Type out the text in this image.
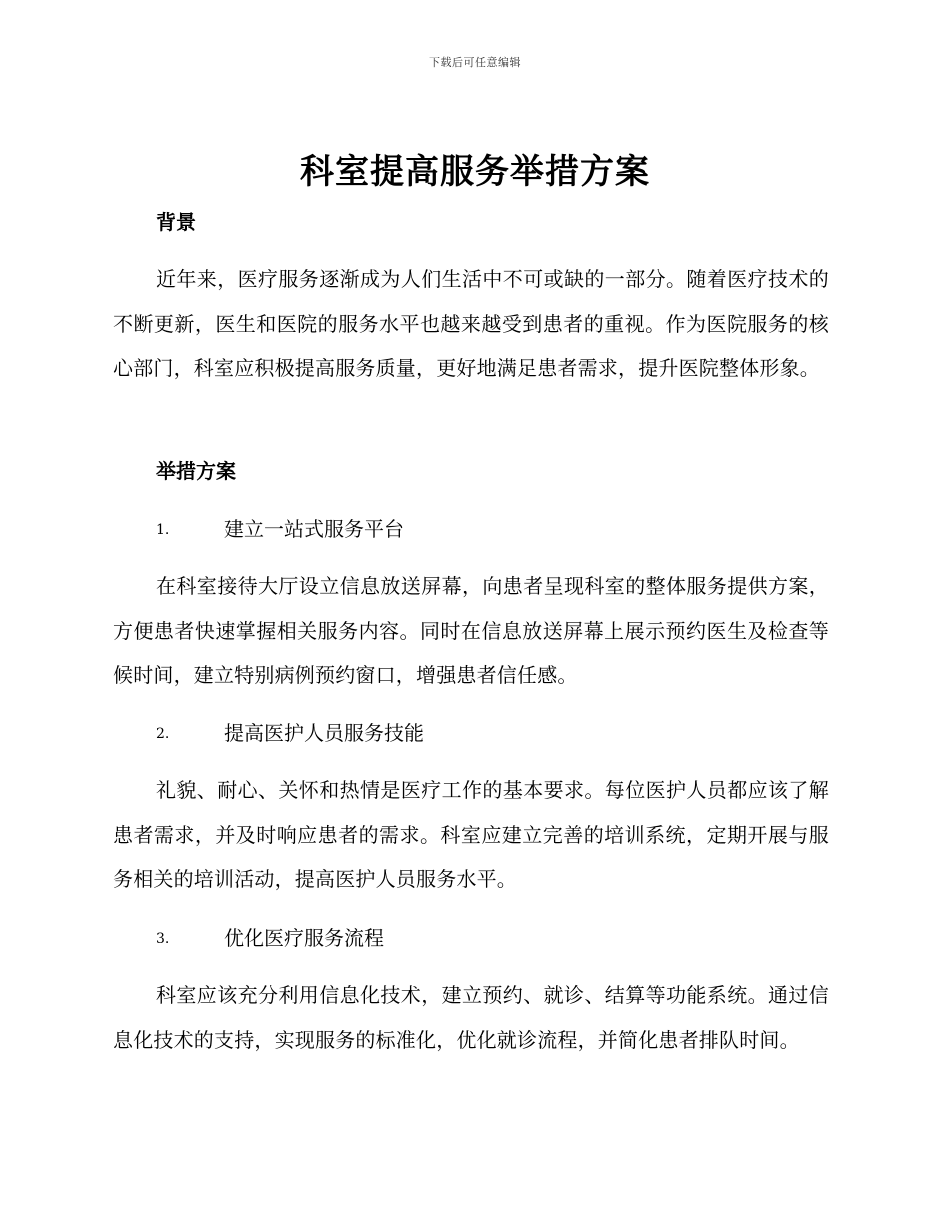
下载后可任意编辑
科室提高服务举措方案
背景

近年来，医疗服务逐渐成为人们生活中不可或缺的一部分。随着医疗技术的不断更新，医生和医院的服务水平也越来越受到患者的重视。作为医院服务的核心部门，科室应积极提高服务质量，更好地满足患者需求，提升医院整体形象。

举措方案
1.	建立一站式服务平台

在科室接待大厅设立信息放送屏幕，向患者呈现科室的整体服务提供方案，方便患者快速掌握相关服务内容。同时在信息放送屏幕上展示预约医生及检查等候时间，建立特别病例预约窗口，增强患者信任感。

2.	提高医护人员服务技能

礼貌、耐心、关怀和热情是医疗工作的基本要求。每位医护人员都应该了解患者需求，并及时响应患者的需求。科室应建立完善的培训系统，定期开展与服务相关的培训活动，提高医护人员服务水平。

3.	优化医疗服务流程

科室应该充分利用信息化技术，建立预约、就诊、结算等功能系统。通过信息化技术的支持，实现服务的标准化，优化就诊流程，并简化患者排队时间。
